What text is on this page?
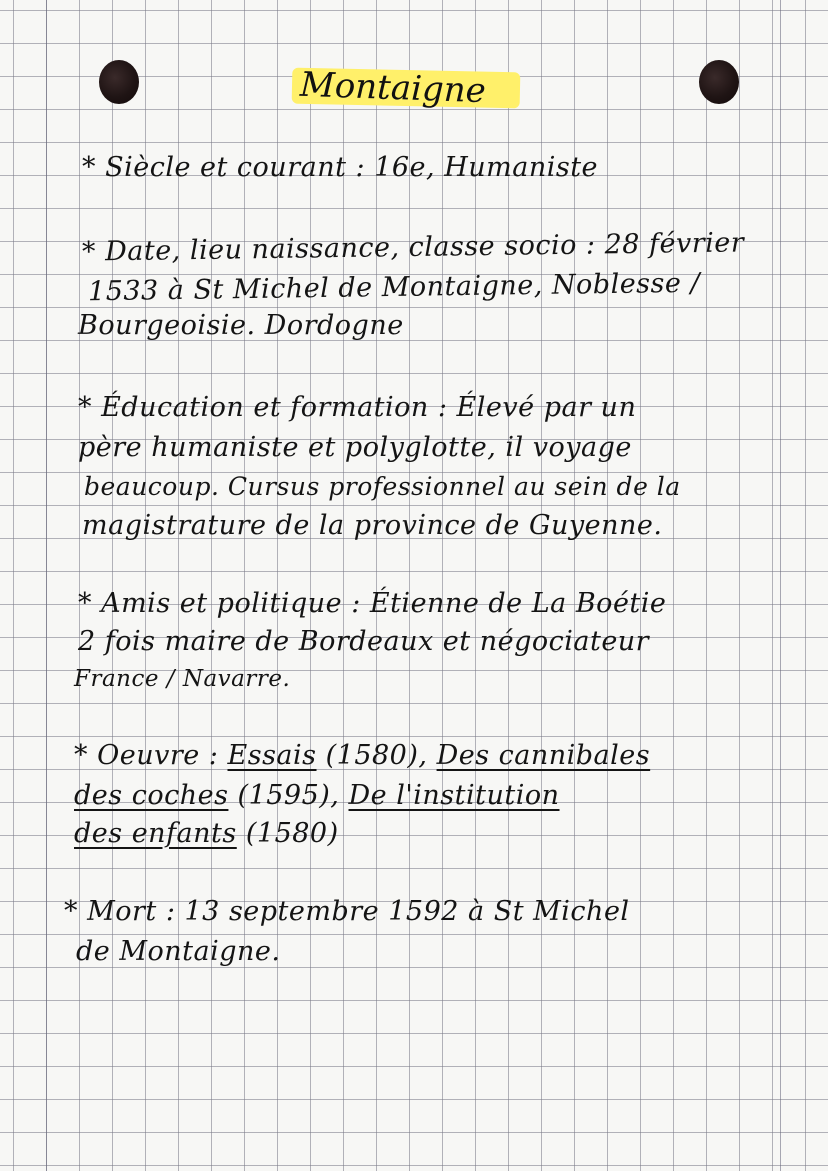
Montaigne
* Siècle et courant : 16e, Humaniste
* Date, lieu naissance, classe socio : 28 février
1533 à St Michel de Montaigne, Noblesse /
Bourgeoisie. Dordogne
* Éducation et formation : Élevé par un
père humaniste et polyglotte, il voyage
beaucoup. Cursus professionnel au sein de la
magistrature de la province de Guyenne.
* Amis et politique : Étienne de La Boétie
2 fois maire de Bordeaux et négociateur
France / Navarre.
* Oeuvre : Essais (1580), Des cannibales
des coches (1595), De l'institution
des enfants (1580)
* Mort : 13 septembre 1592 à St Michel
de Montaigne.
